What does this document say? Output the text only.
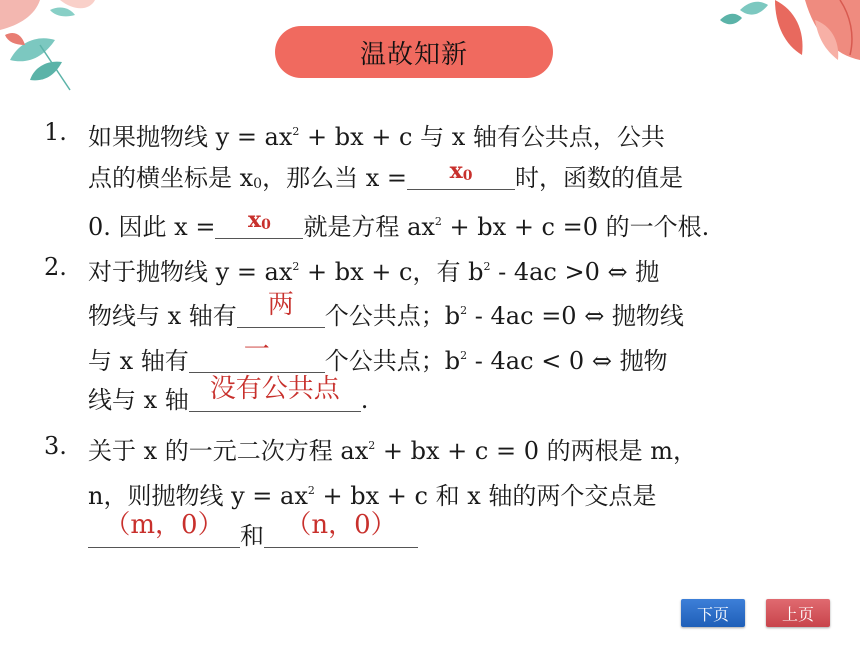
温故知新
1. 如果抛物线 $y = ax^2$ + bx + c 与 x 轴有公共点，公共
点的横坐标是 $x_0$，那么当 x =	$x_0$	时，函数的值是
0. 因此 x =	$x_0$	就是方程 $ax^2$ + bx + c =0 的一个根.
2. 对于抛物线 $y = ax^2$ + bx + c，有 $b^2 - 4ac >0$ ⇔ 抛
物线与 x 轴有	两	个公共点；$b^2 - 4ac =0$ ⇔ 抛物线
与 x 轴有	一	个公共点；$b^2 - 4ac < 0$ ⇔ 抛物
线与 x 轴 没有公共点 .
3. 关于 x 的一元二次方程 $ax^2$ + bx + c = 0 的两根是 m，
n，则抛物线 $y = ax^2$ + bx + c 和 x 轴的两个交点是
（m，0） 和 （n，0）
下页	上页
